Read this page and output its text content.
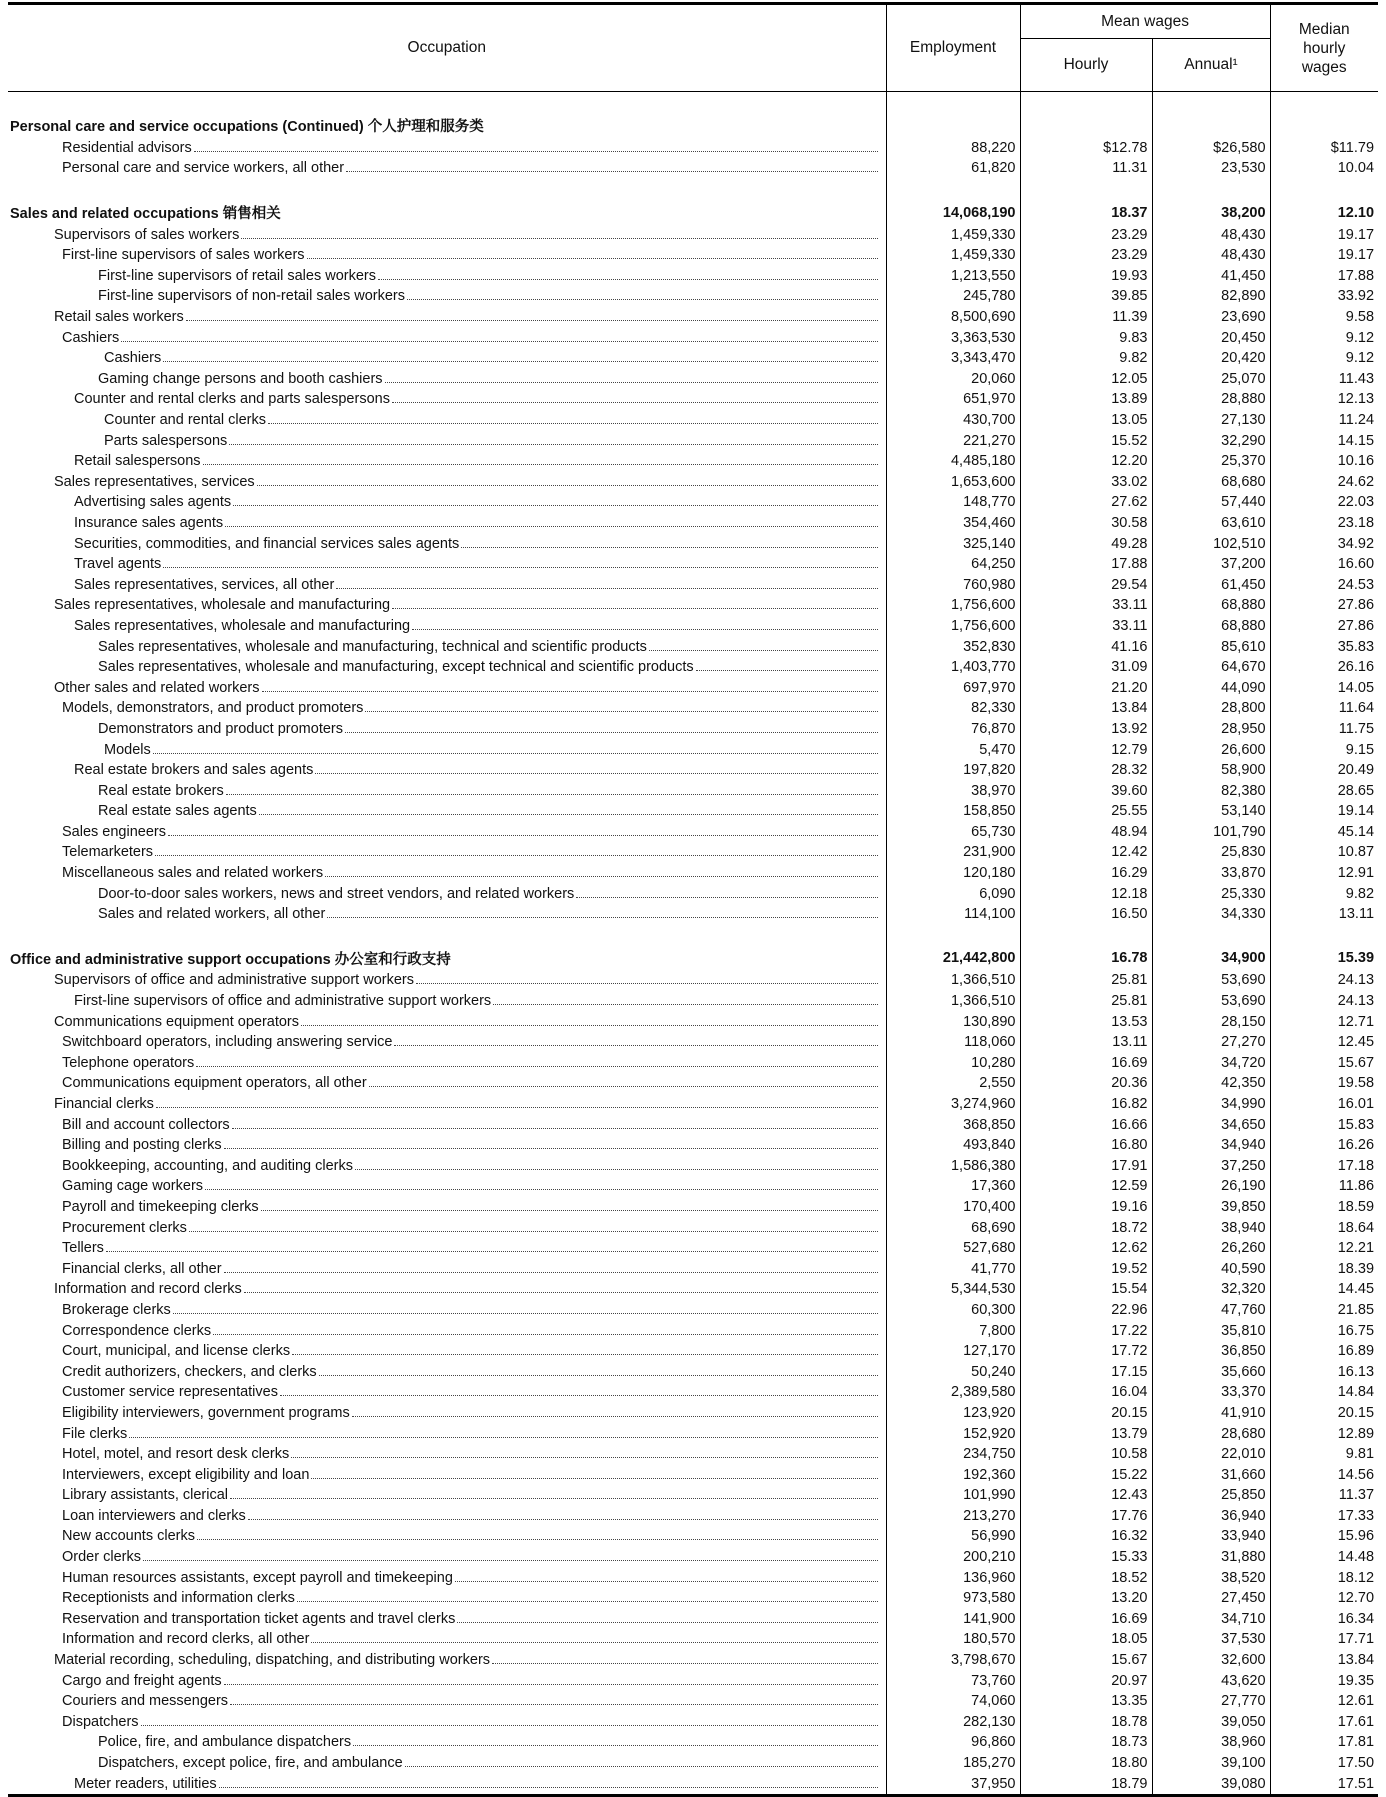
Occupation	Employment	Mean wages		Median hourly wages
		Hourly	Annual¹	

Personal care and service occupations (Continued) 个人护理和服务类				

Residential advisors	88,220	$12.78	$26,580	$11.79

Personal care and service workers, all other	61,820	11.31	23,530	10.04

Sales and related occupations 销售相关	14,068,190	18.37	38,200	12.10

Supervisors of sales workers	1,459,330	23.29	48,430	19.17

First-line supervisors of sales workers	1,459,330	23.29	48,430	19.17

First-line supervisors of retail sales workers	1,213,550	19.93	41,450	17.88

First-line supervisors of non-retail sales workers	245,780	39.85	82,890	33.92

Retail sales workers	8,500,690	11.39	23,690	9.58

Cashiers	3,363,530	9.83	20,450	9.12

Cashiers	3,343,470	9.82	20,420	9.12

Gaming change persons and booth cashiers	20,060	12.05	25,070	11.43

Counter and rental clerks and parts salespersons	651,970	13.89	28,880	12.13

Counter and rental clerks	430,700	13.05	27,130	11.24

Parts salespersons	221,270	15.52	32,290	14.15

Retail salespersons	4,485,180	12.20	25,370	10.16

Sales representatives, services	1,653,600	33.02	68,680	24.62

Advertising sales agents	148,770	27.62	57,440	22.03

Insurance sales agents	354,460	30.58	63,610	23.18

Securities, commodities, and financial services sales agents	325,140	49.28	102,510	34.92

Travel agents	64,250	17.88	37,200	16.60

Sales representatives, services, all other	760,980	29.54	61,450	24.53

Sales representatives, wholesale and manufacturing	1,756,600	33.11	68,880	27.86

Sales representatives, wholesale and manufacturing	1,756,600	33.11	68,880	27.86

Sales representatives, wholesale and manufacturing, technical and scientific products	352,830	41.16	85,610	35.83

Sales representatives, wholesale and manufacturing, except technical and scientific products	1,403,770	31.09	64,670	26.16

Other sales and related workers	697,970	21.20	44,090	14.05

Models, demonstrators, and product promoters	82,330	13.84	28,800	11.64

Demonstrators and product promoters	76,870	13.92	28,950	11.75

Models	5,470	12.79	26,600	9.15

Real estate brokers and sales agents	197,820	28.32	58,900	20.49

Real estate brokers	38,970	39.60	82,380	28.65

Real estate sales agents	158,850	25.55	53,140	19.14

Sales engineers	65,730	48.94	101,790	45.14

Telemarketers	231,900	12.42	25,830	10.87

Miscellaneous sales and related workers	120,180	16.29	33,870	12.91

Door-to-door sales workers, news and street vendors, and related workers	6,090	12.18	25,330	9.82

Sales and related workers, all other	114,100	16.50	34,330	13.11

Office and administrative support occupations 办公室和行政支持	21,442,800	16.78	34,900	15.39

Supervisors of office and administrative support workers	1,366,510	25.81	53,690	24.13

First-line supervisors of office and administrative support workers	1,366,510	25.81	53,690	24.13

Communications equipment operators	130,890	13.53	28,150	12.71

Switchboard operators, including answering service	118,060	13.11	27,270	12.45

Telephone operators	10,280	16.69	34,720	15.67

Communications equipment operators, all other	2,550	20.36	42,350	19.58

Financial clerks	3,274,960	16.82	34,990	16.01

Bill and account collectors	368,850	16.66	34,650	15.83

Billing and posting clerks	493,840	16.80	34,940	16.26

Bookkeeping, accounting, and auditing clerks	1,586,380	17.91	37,250	17.18

Gaming cage workers	17,360	12.59	26,190	11.86

Payroll and timekeeping clerks	170,400	19.16	39,850	18.59

Procurement clerks	68,690	18.72	38,940	18.64

Tellers	527,680	12.62	26,260	12.21

Financial clerks, all other	41,770	19.52	40,590	18.39

Information and record clerks	5,344,530	15.54	32,320	14.45

Brokerage clerks	60,300	22.96	47,760	21.85

Correspondence clerks	7,800	17.22	35,810	16.75

Court, municipal, and license clerks	127,170	17.72	36,850	16.89

Credit authorizers, checkers, and clerks	50,240	17.15	35,660	16.13

Customer service representatives	2,389,580	16.04	33,370	14.84

Eligibility interviewers, government programs	123,920	20.15	41,910	20.15

File clerks	152,920	13.79	28,680	12.89

Hotel, motel, and resort desk clerks	234,750	10.58	22,010	9.81

Interviewers, except eligibility and loan	192,360	15.22	31,660	14.56

Library assistants, clerical	101,990	12.43	25,850	11.37

Loan interviewers and clerks	213,270	17.76	36,940	17.33

New accounts clerks	56,990	16.32	33,940	15.96

Order clerks	200,210	15.33	31,880	14.48

Human resources assistants, except payroll and timekeeping	136,960	18.52	38,520	18.12

Receptionists and information clerks	973,580	13.20	27,450	12.70

Reservation and transportation ticket agents and travel clerks	141,900	16.69	34,710	16.34

Information and record clerks, all other	180,570	18.05	37,530	17.71

Material recording, scheduling, dispatching, and distributing workers	3,798,670	15.67	32,600	13.84

Cargo and freight agents	73,760	20.97	43,620	19.35

Couriers and messengers	74,060	13.35	27,770	12.61

Dispatchers	282,130	18.78	39,050	17.61

Police, fire, and ambulance dispatchers	96,860	18.73	38,960	17.81

Dispatchers, except police, fire, and ambulance	185,270	18.80	39,100	17.50

Meter readers, utilities	37,950	18.79	39,080	17.51
